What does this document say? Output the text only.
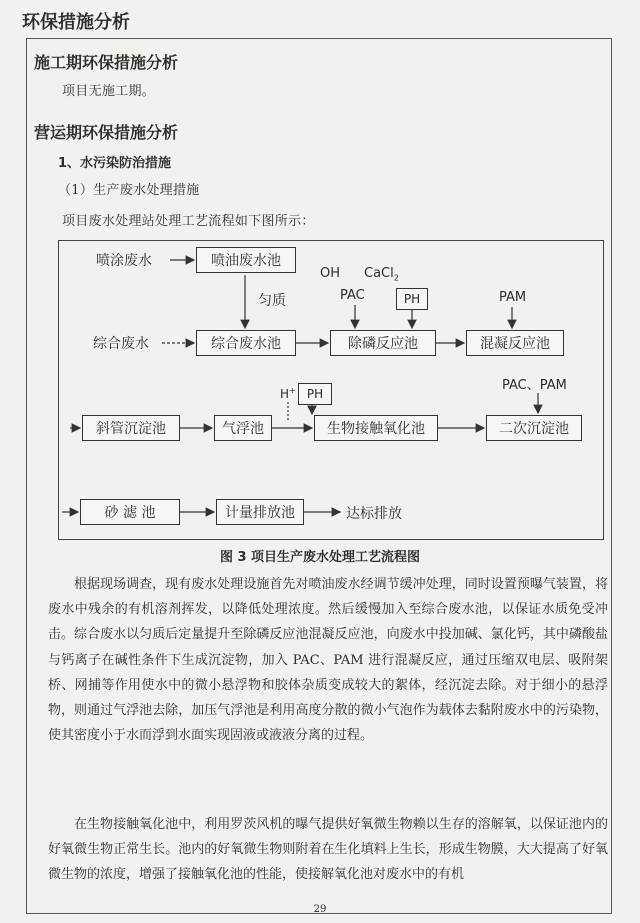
环保措施分析
施工期环保措施分析
项目无施工期。
营运期环保措施分析
1、水污染防治措施
（1）生产废水处理措施
项目废水处理站处理工艺流程如下图所示：
喷涂废水	喷油废水池
匀质
综合废水	综合废水池
OH CaCl$_2$
PAC	PH
除磷反应池
PAM
混凝反应池
H+ PH
PAC、PAM
斜管沉淀池	气浮池	生物接触氧化池	二次沉淀池
砂 滤 池	计量排放池	达标排放
图 3 项目生产废水处理工艺流程图
根据现场调查，现有废水处理设施首先对喷油废水经调节缓冲处理，同时设置预曝气装置，将废水中残余的有机溶剂挥发，以降低处理浓度。然后缓慢加入至综合废水池，以保证水质免受冲击。综合废水以匀质后定量提升至除磷反应池混凝反应池，向废水中投加碱、氯化钙，其中磷酸盐与钙离子在碱性条件下生成沉淀物，加入 PAC、PAM 进行混凝反应，通过压缩双电层、吸附架桥、网捕等作用使水中的微小悬浮物和胶体杂质变成较大的絮体，经沉淀去除。对于细小的悬浮物，则通过气浮池去除，加压气浮池是利用高度分散的微小气泡作为载体去黏附废水中的污染物，使其密度小于水而浮到水面实现固液或液液分离的过程。
在生物接触氧化池中，利用罗茨风机的曝气提供好氧微生物赖以生存的溶解氧，以保证池内的好氧微生物正常生长。池内的好氧微生物则附着在生化填料上生长，形成生物膜，大大提高了好氧微生物的浓度，增强了接触氧化池的性能，使接解氧化池对废水中的有机
29
